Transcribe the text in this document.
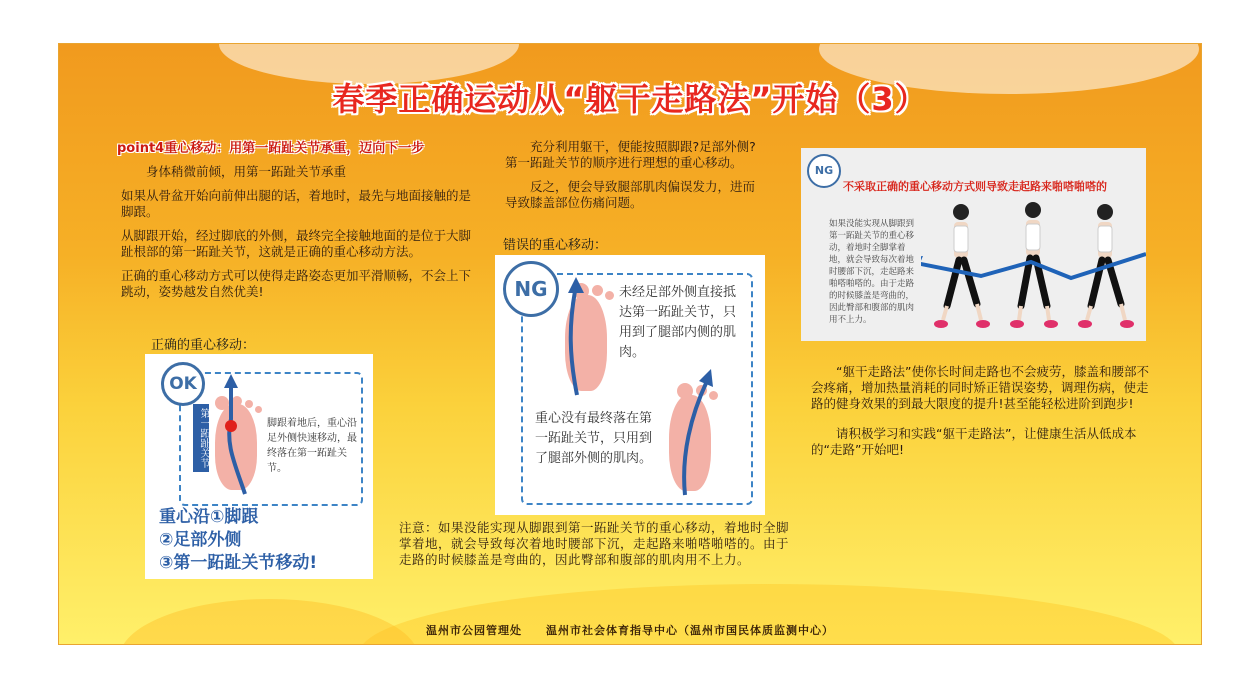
春季正确运动从“躯干走路法”开始（3）
point4重心移动：用第一跖趾关节承重，迈向下一步

身体稍微前倾，用第一跖趾关节承重

如果从骨盆开始向前伸出腿的话，着地时，最先与地面接触的是脚跟。

从脚跟开始，经过脚底的外侧，最终完全接触地面的是位于大脚趾根部的第一跖趾关节，这就是正确的重心移动方法。

正确的重心移动方式可以使得走路姿态更加平滑顺畅，不会上下跳动，姿势越发自然优美!

正确的重心移动：
OK
第一跖趾关节	脚跟着地后，重心沿足外侧快速移动，最终落在第一跖趾关节。
重心沿①脚跟
②足部外侧
③第一跖趾关节移动!

充分利用躯干，便能按照脚跟?足部外侧?第一跖趾关节的顺序进行理想的重心移动。

反之，便会导致腿部肌肉偏误发力，进而导致膝盖部位伤痛问题。

错误的重心移动：
NG	未经足部外侧直接抵达第一跖趾关节，只用到了腿部内侧的肌肉。
重心没有最终落在第一跖趾关节，只用到了腿部外侧的肌肉。
注意：如果没能实现从脚跟到第一跖趾关节的重心移动，着地时全脚掌着地，就会导致每次着地时腰部下沉，走起路来啪嗒啪嗒的。由于走路的时候膝盖是弯曲的，因此臀部和腹部的肌肉用不上力。
NG
不采取正确的重心移动方式则导致走起路来啪嗒啪嗒的
如果没能实现从脚跟到第一跖趾关节的重心移动，着地时全脚掌着地，就会导致每次着地时腰部下沉，走起路来啪嗒啪嗒的。由于走路的时候膝盖是弯曲的，因此臀部和腹部的肌肉用不上力。

“躯干走路法”使你长时间走路也不会疲劳，膝盖和腰部不会疼痛，增加热量消耗的同时矫正错误姿势，调理伤病，使走路的健身效果的到最大限度的提升!甚至能轻松进阶到跑步!

请积极学习和实践“躯干走路法”，让健康生活从低成本的“走路”开始吧!

温州市公园管理处　　温州市社会体育指导中心（温州市国民体质监测中心）
